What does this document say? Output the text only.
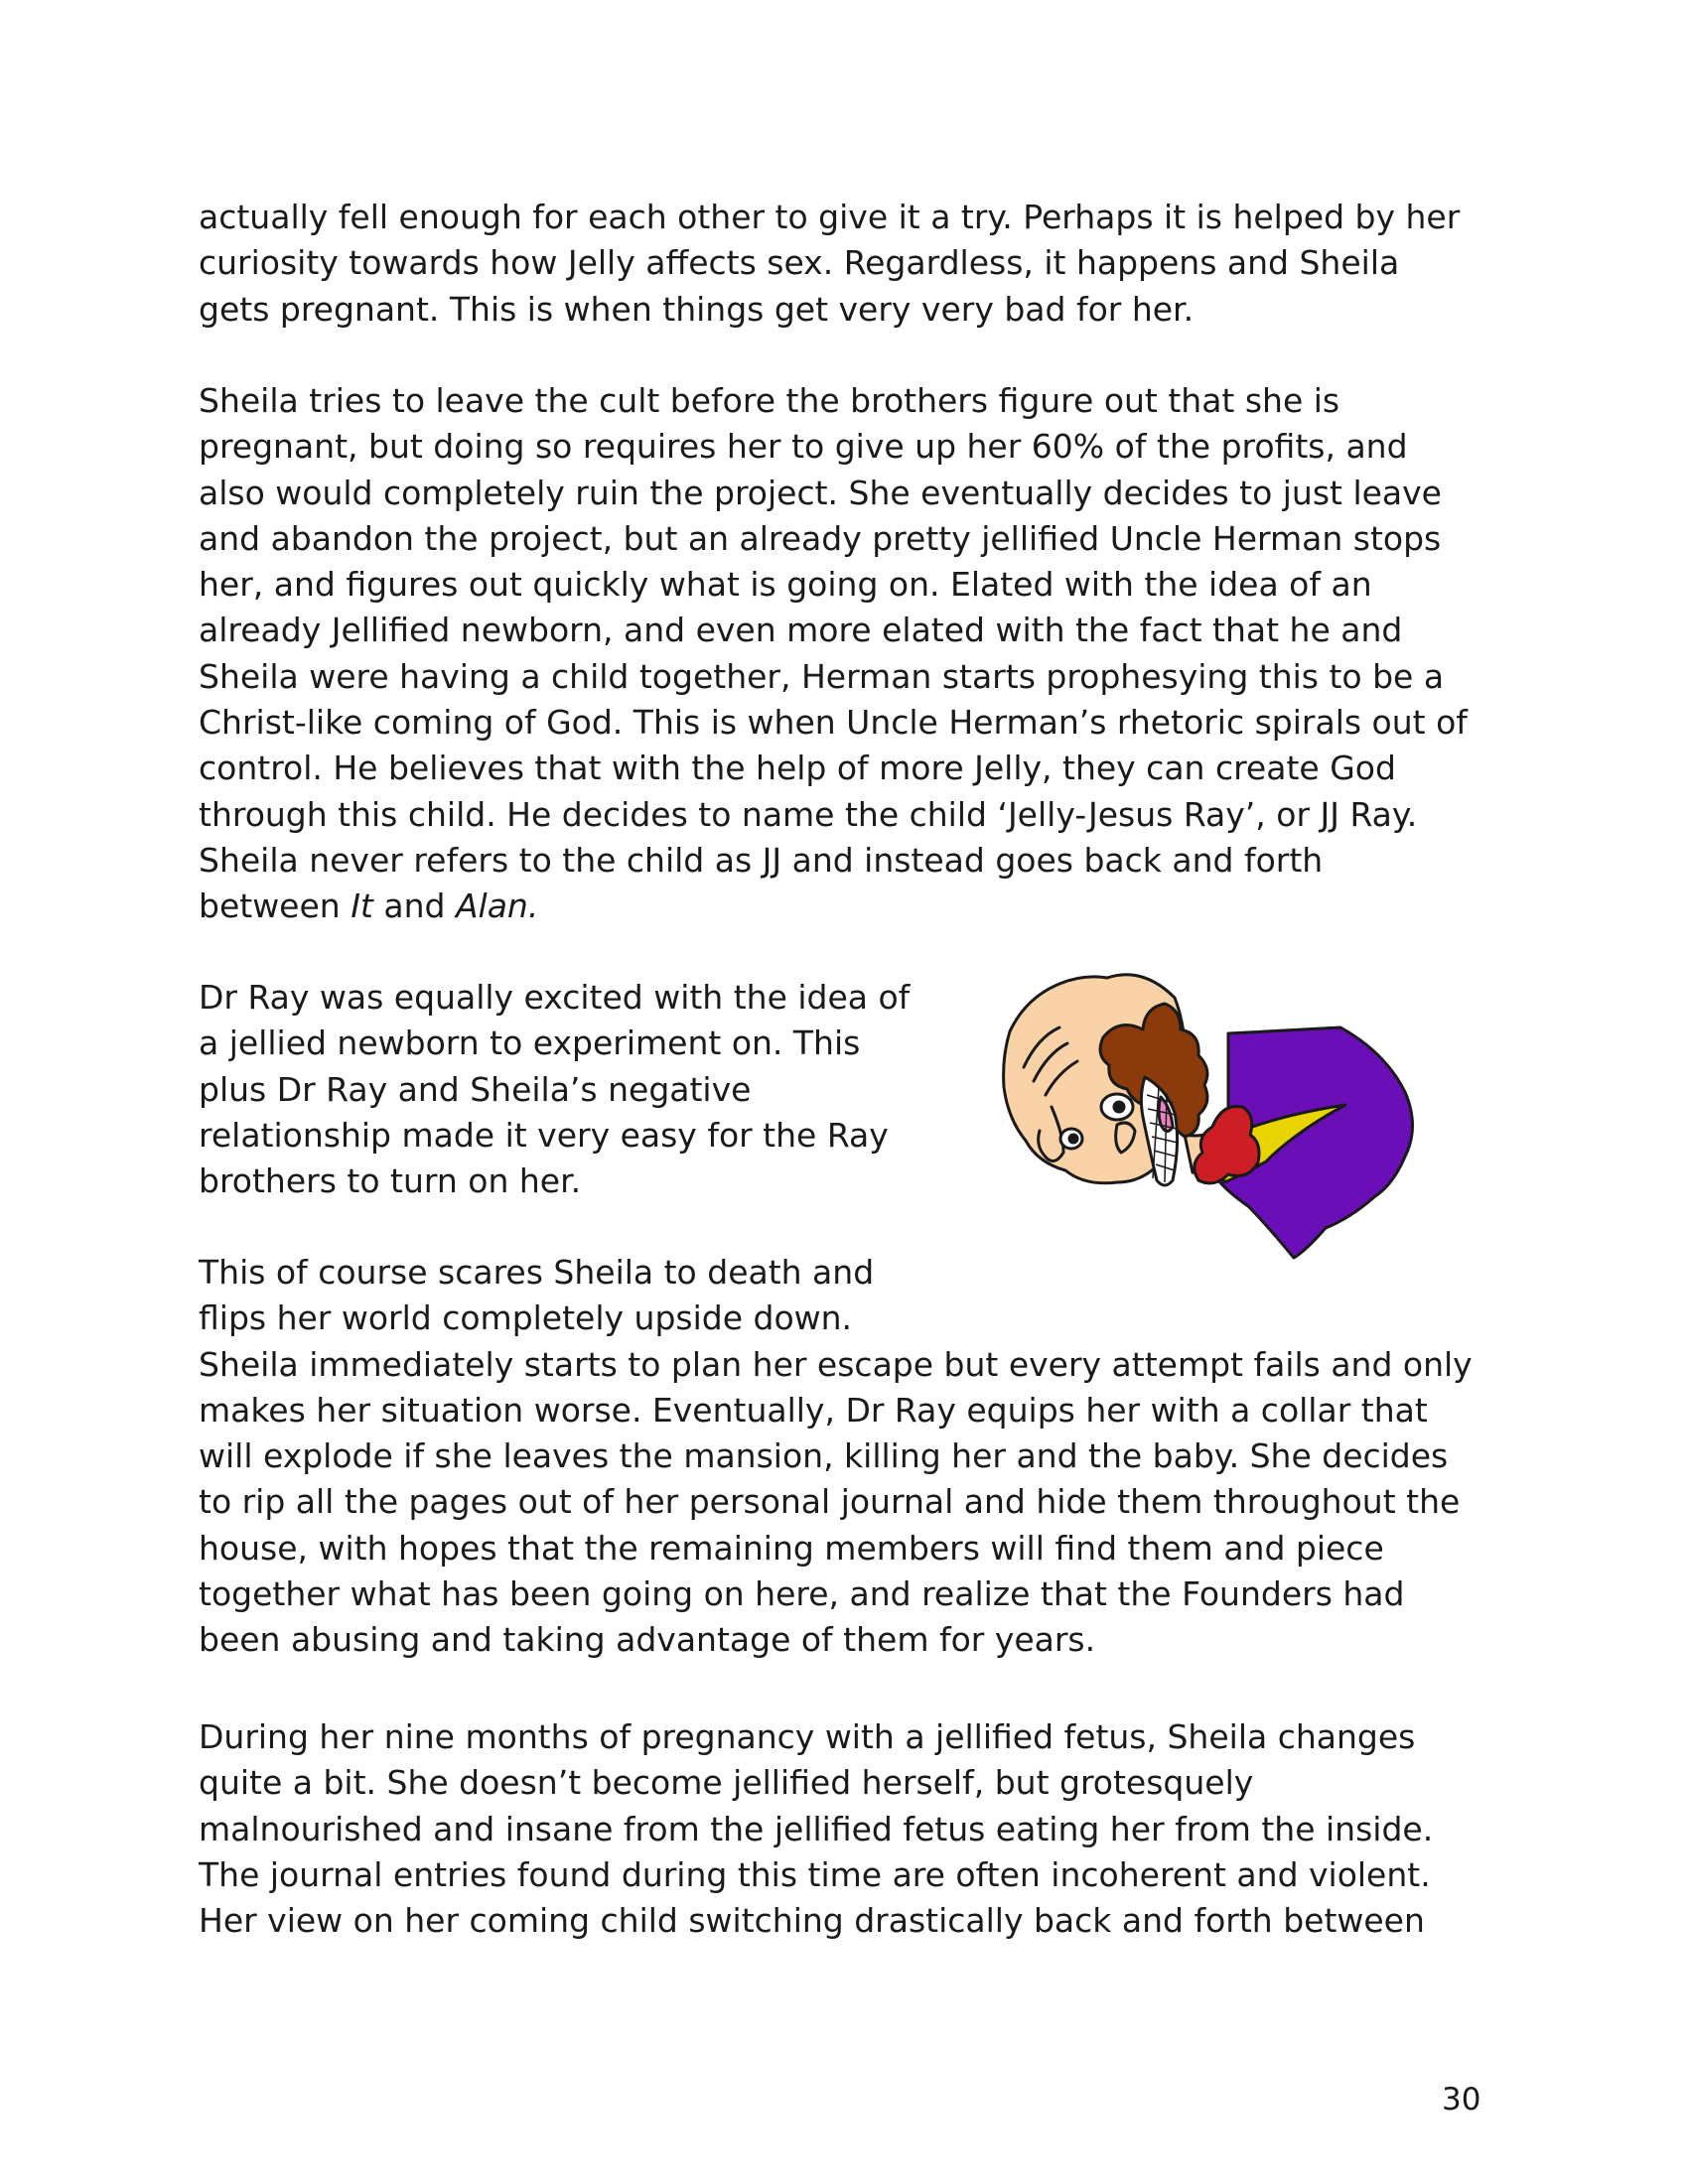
actually fell enough for each other to give it a try. Perhaps it is helped by her
curiosity towards how Jelly affects sex. Regardless, it happens and Sheila
gets pregnant. This is when things get very very bad for her.

Sheila tries to leave the cult before the brothers figure out that she is
pregnant, but doing so requires her to give up her 60% of the profits, and
also would completely ruin the project. She eventually decides to just leave
and abandon the project, but an already pretty jellified Uncle Herman stops
her, and figures out quickly what is going on. Elated with the idea of an
already Jellified newborn, and even more elated with the fact that he and
Sheila were having a child together, Herman starts prophesying this to be a
Christ-like coming of God. This is when Uncle Herman’s rhetoric spirals out of
control. He believes that with the help of more Jelly, they can create God
through this child. He decides to name the child ‘Jelly-Jesus Ray’, or JJ Ray.
Sheila never refers to the child as JJ and instead goes back and forth
between It and Alan.

Dr Ray was equally excited with the idea of
a jellied newborn to experiment on. This
plus Dr Ray and Sheila’s negative
relationship made it very easy for the Ray
brothers to turn on her.

This of course scares Sheila to death and
flips her world completely upside down.
Sheila immediately starts to plan her escape but every attempt fails and only
makes her situation worse. Eventually, Dr Ray equips her with a collar that
will explode if she leaves the mansion, killing her and the baby. She decides
to rip all the pages out of her personal journal and hide them throughout the
house, with hopes that the remaining members will find them and piece
together what has been going on here, and realize that the Founders had
been abusing and taking advantage of them for years.

During her nine months of pregnancy with a jellified fetus, Sheila changes
quite a bit. She doesn’t become jellified herself, but grotesquely
malnourished and insane from the jellified fetus eating her from the inside.
The journal entries found during this time are often incoherent and violent.
Her view on her coming child switching drastically back and forth between

30
